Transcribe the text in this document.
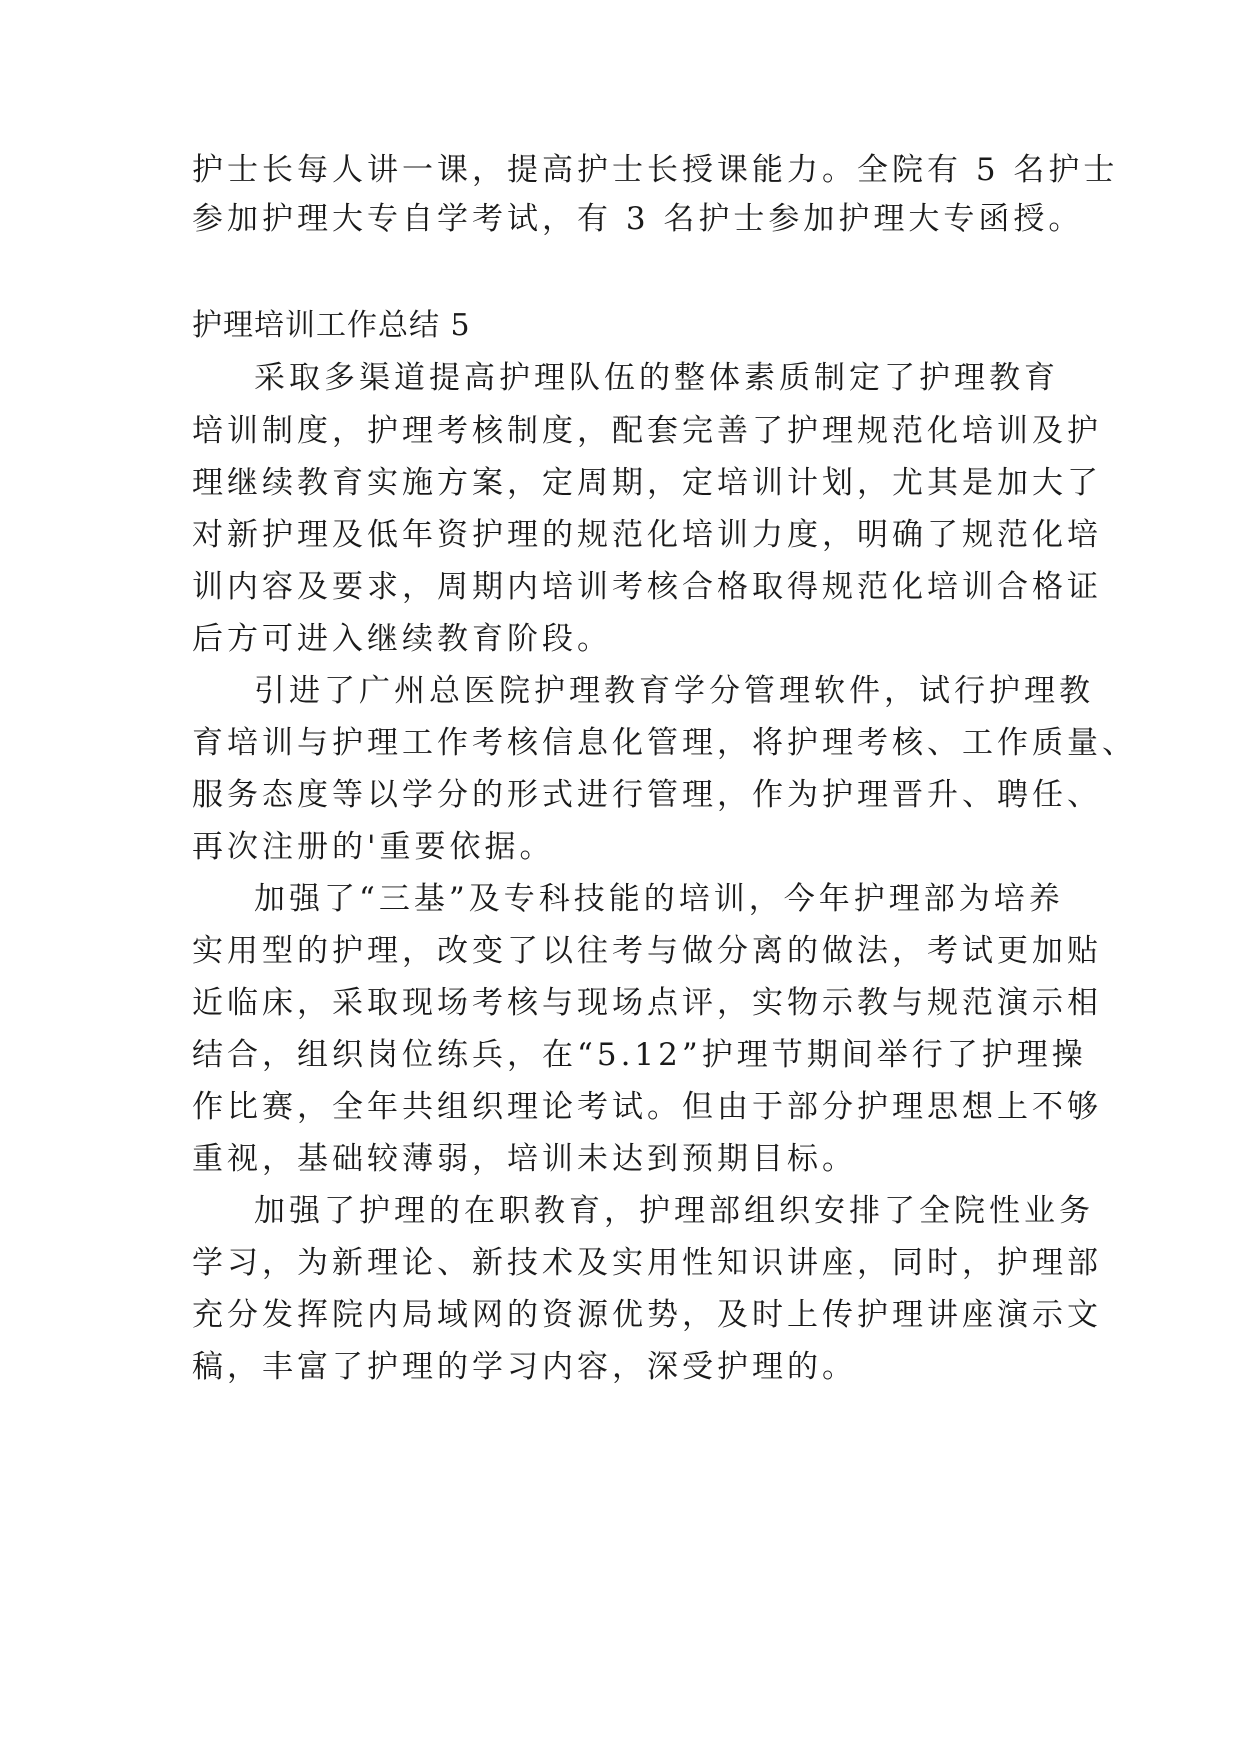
护士长每人讲一课，提高护士长授课能力。全院有 5 名护士
参加护理大专自学考试，有 3 名护士参加护理大专函授。
护理培训工作总结 5
采取多渠道提高护理队伍的整体素质制定了护理教育
培训制度，护理考核制度，配套完善了护理规范化培训及护
理继续教育实施方案，定周期，定培训计划，尤其是加大了
对新护理及低年资护理的规范化培训力度，明确了规范化培
训内容及要求，周期内培训考核合格取得规范化培训合格证
后方可进入继续教育阶段。
引进了广州总医院护理教育学分管理软件，试行护理教
育培训与护理工作考核信息化管理，将护理考核、工作质量、
服务态度等以学分的形式进行管理，作为护理晋升、聘任、
再次注册的'重要依据。
加强了“三基”及专科技能的培训，今年护理部为培养
实用型的护理，改变了以往考与做分离的做法，考试更加贴
近临床，采取现场考核与现场点评，实物示教与规范演示相
结合，组织岗位练兵，在“5.12”护理节期间举行了护理操
作比赛，全年共组织理论考试。但由于部分护理思想上不够
重视，基础较薄弱，培训未达到预期目标。
加强了护理的在职教育，护理部组织安排了全院性业务
学习，为新理论、新技术及实用性知识讲座，同时，护理部
充分发挥院内局域网的资源优势，及时上传护理讲座演示文
稿，丰富了护理的学习内容，深受护理的。
